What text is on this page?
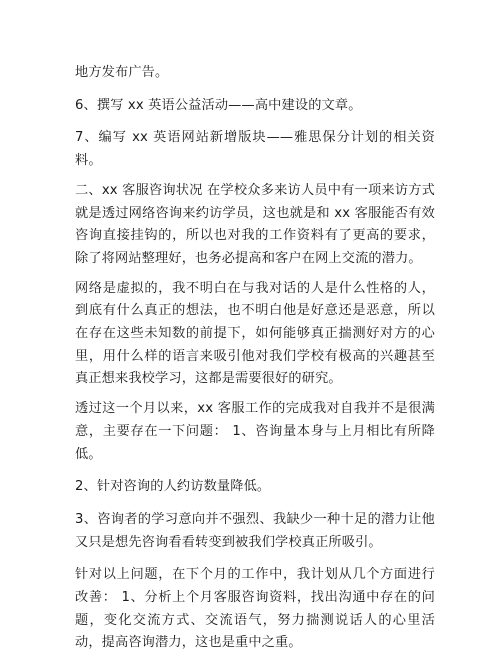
地方发布广告。

6、撰写 xx 英语公益活动——高中建设的文章。

7、编写 xx 英语网站新增版块——雅思保分计划的相关资料。

二、xx 客服咨询状况 在学校众多来访人员中有一项来访方式就是透过网络咨询来约访学员，这也就是和 xx 客服能否有效咨询直接挂钩的，所以也对我的工作资料有了更高的要求，除了将网站整理好，也务必提高和客户在网上交流的潜力。

网络是虚拟的，我不明白在与我对话的人是什么性格的人，到底有什么真正的想法，也不明白他是好意还是恶意，所以在存在这些未知数的前提下，如何能够真正揣测好对方的心里，用什么样的语言来吸引他对我们学校有极高的兴趣甚至真正想来我校学习，这都是需要很好的研究。

透过这一个月以来，xx 客服工作的完成我对自我并不是很满意，主要存在一下问题： 1、咨询量本身与上月相比有所降低。

2、针对咨询的人约访数量降低。

3、咨询者的学习意向并不强烈、我缺少一种十足的潜力让他又只是想先咨询看看转变到被我们学校真正所吸引。

针对以上问题，在下个月的工作中，我计划从几个方面进行改善： 1、分析上个月客服咨询资料，找出沟通中存在的问题，变化交流方式、交流语气，努力揣测说话人的心里活动，提高咨询潜力，这也是重中之重。
